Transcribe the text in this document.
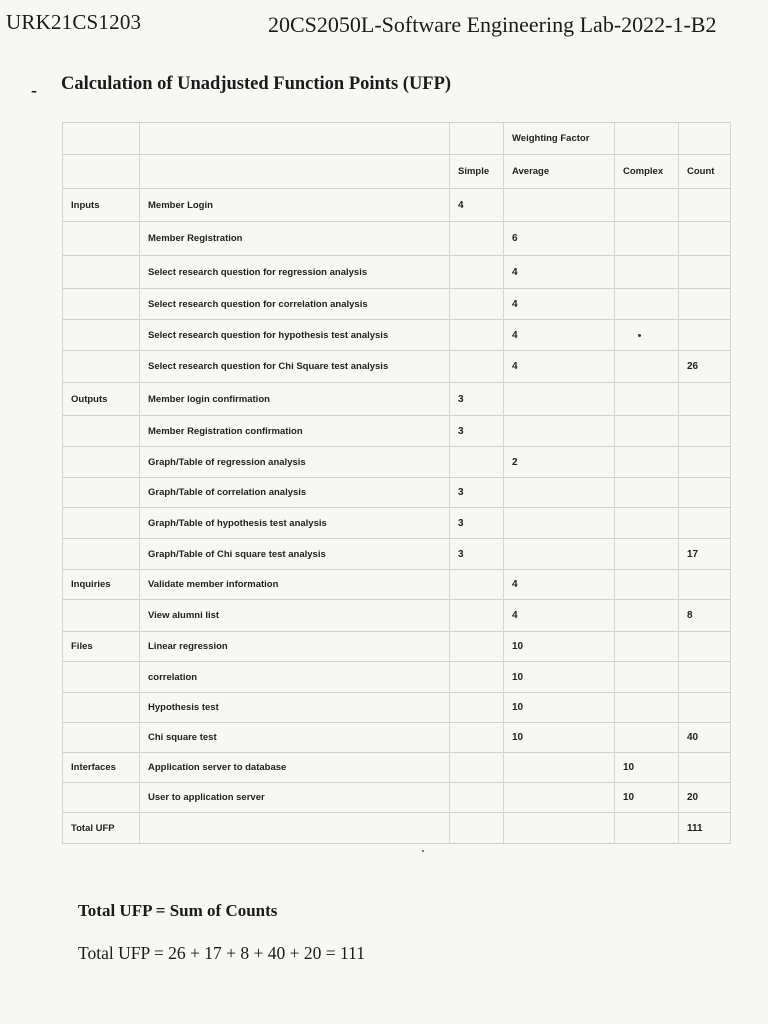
URK21CS1203	20CS2050L-Software Engineering Lab-2022-1-B2
- Calculation of Unadjusted Function Points (UFP)
			Weighting Factor		
		Simple	Average	Complex	Count
Inputs	Member Login	4			
	Member Registration		6		
	Select research question for regression analysis		4		
	Select research question for correlation analysis		4		
	Select research question for hypothesis test analysis		4		
	Select research question for Chi Square test analysis		4		26
Outputs	Member login confirmation	3			
	Member Registration confirmation	3			
	Graph/Table of regression analysis		2		
	Graph/Table of correlation analysis	3			
	Graph/Table of hypothesis test analysis	3			
	Graph/Table of Chi square test analysis	3			17
Inquiries	Validate member information		4		
	View alumni list		4		8
Files	Linear regression		10		
	correlation		10		
	Hypothesis test		10		
	Chi square test		10		40
Interfaces	Application server to database			10	
	User to application server			10	20
Total UFP					111
Total UFP = Sum of Counts
Total UFP = 26 + 17 + 8 + 40 + 20 = 111
